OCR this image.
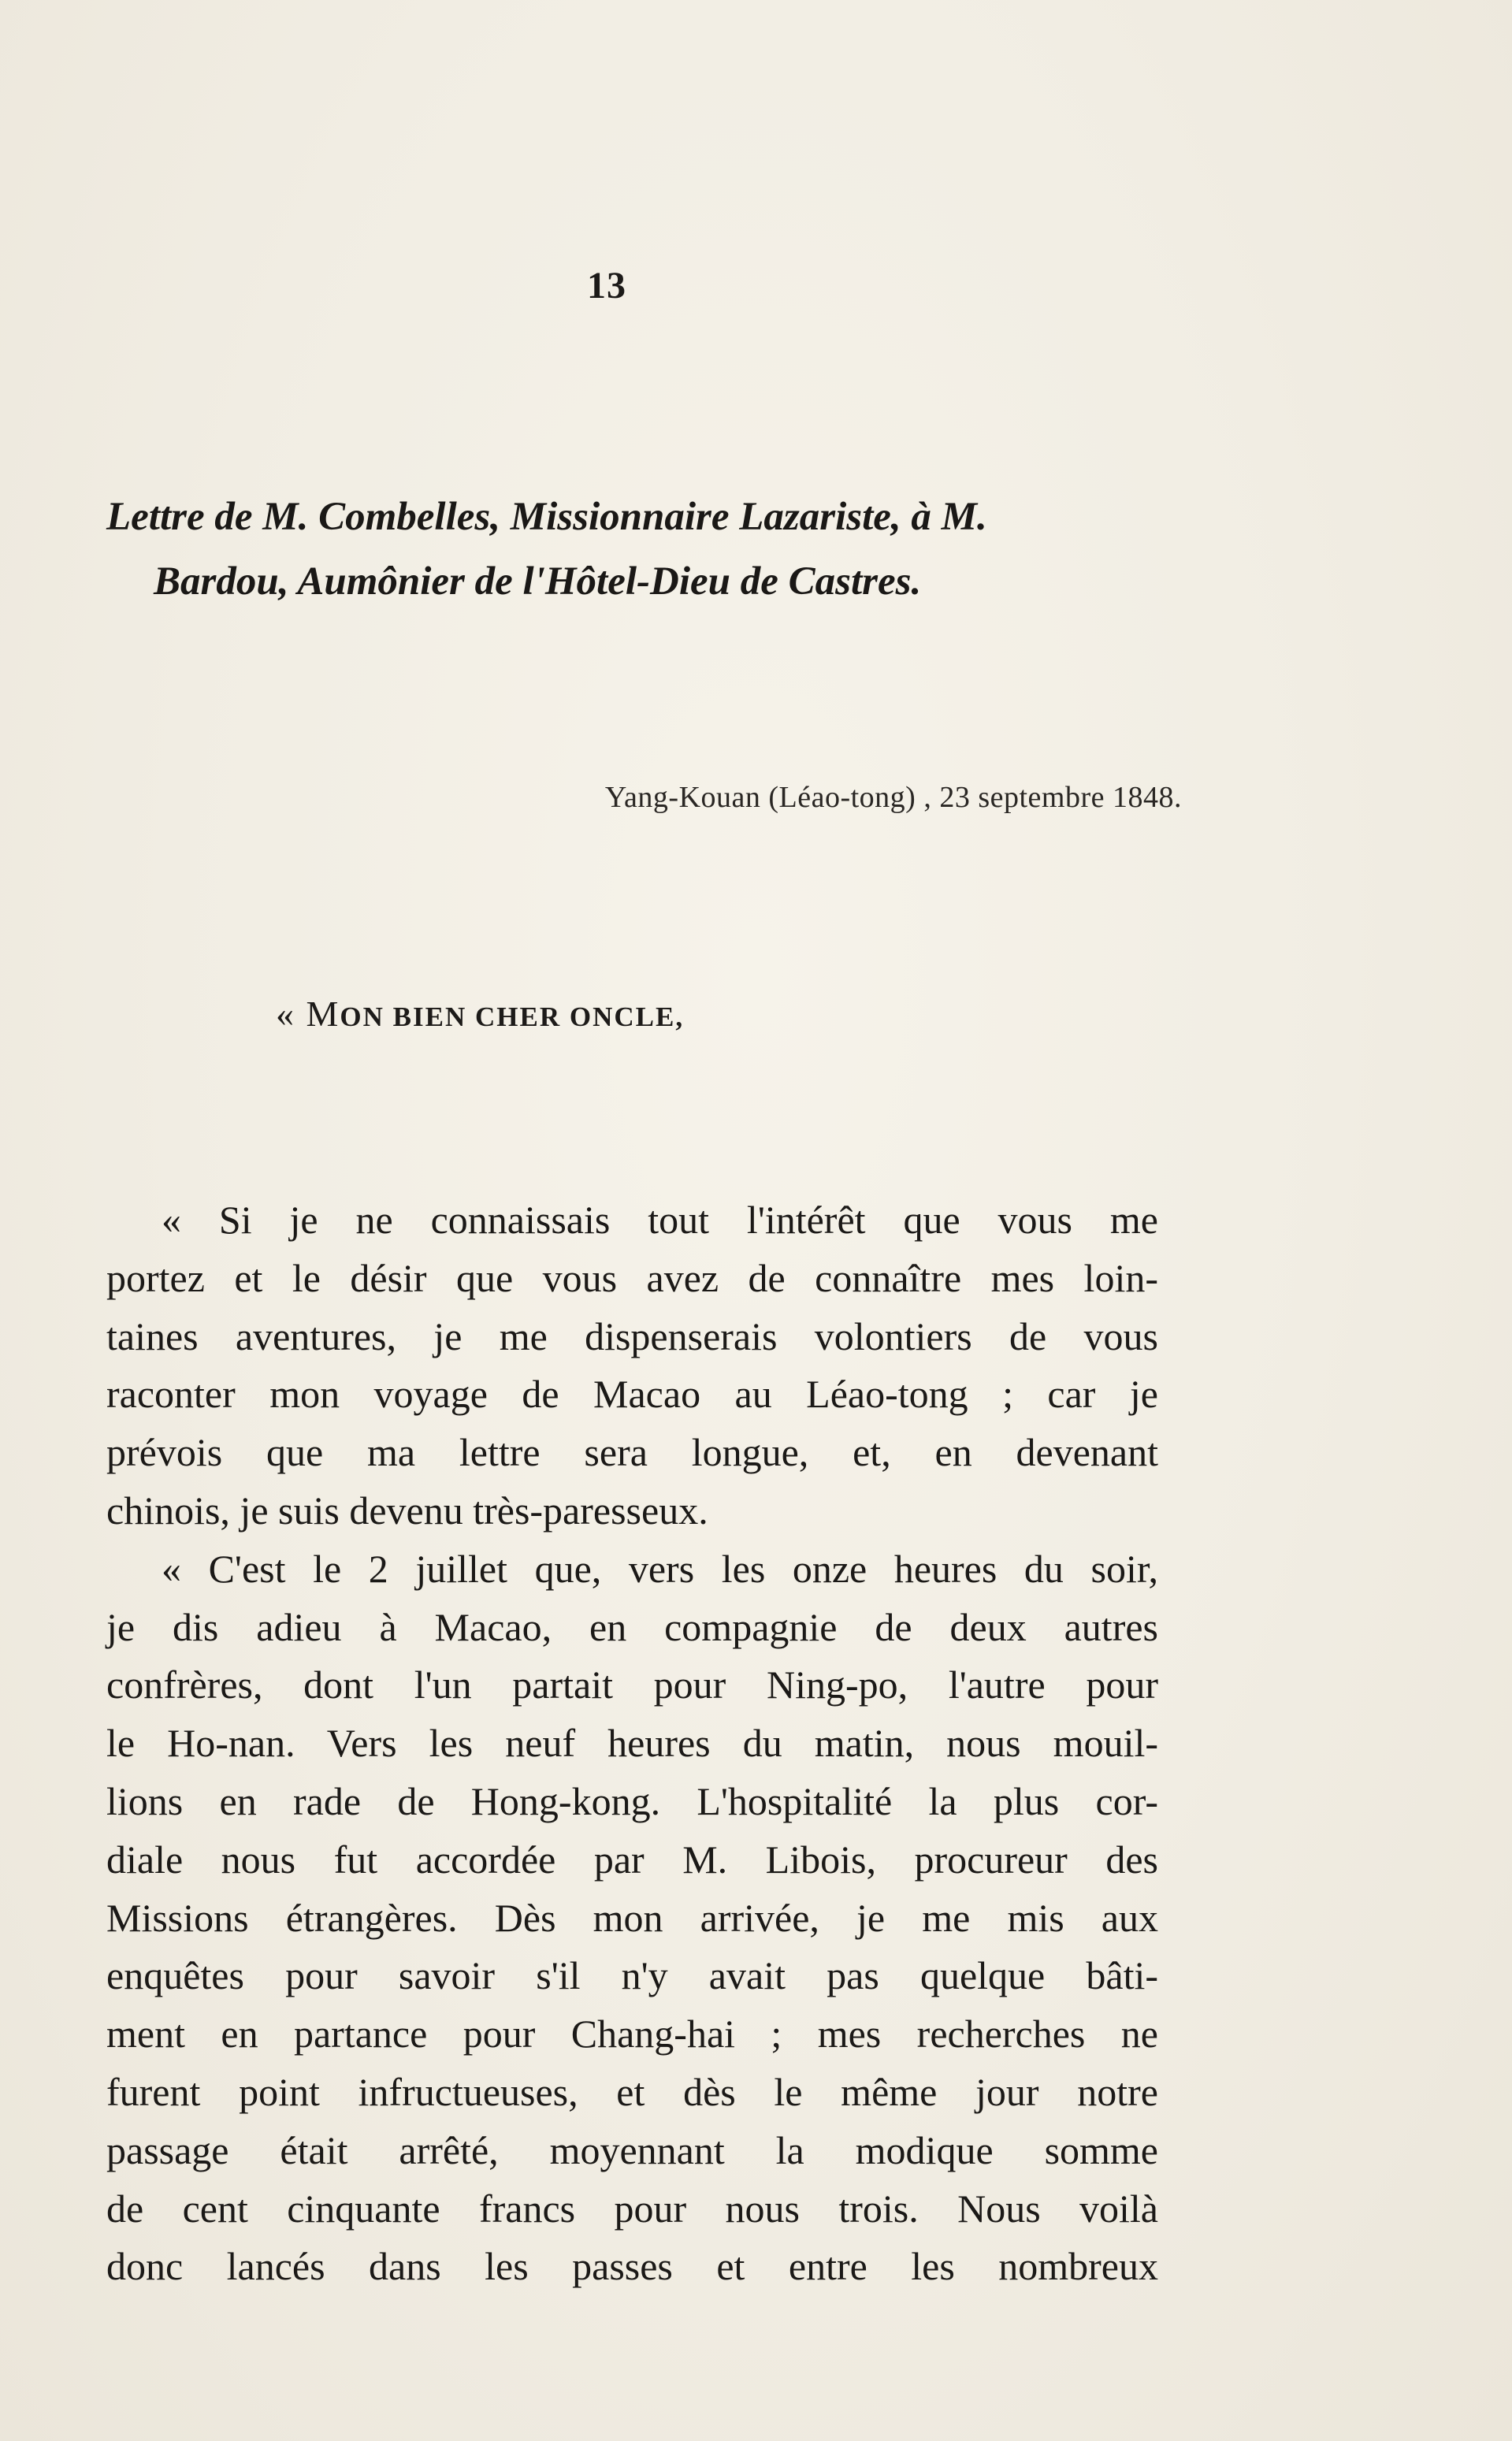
13
Lettre de M. Combelles, Missionnaire Lazariste, à M.
Bardou, Aumônier de l'Hôtel-Dieu de Castres.
Yang-Kouan (Léao-tong) , 23 septembre 1848.
« MON BIEN CHER ONCLE,
« Si je ne connaissais tout l'intérêt que vous me
portez et le désir que vous avez de connaître mes loin-
taines aventures, je me dispenserais volontiers de vous
raconter mon voyage de Macao au Léao-tong ; car je
prévois que ma lettre sera longue, et, en devenant
chinois, je suis devenu très-paresseux.
« C'est le 2 juillet que, vers les onze heures du soir,
je dis adieu à Macao, en compagnie de deux autres
confrères, dont l'un partait pour Ning-po, l'autre pour
le Ho-nan. Vers les neuf heures du matin, nous mouil-
lions en rade de Hong-kong. L'hospitalité la plus cor-
diale nous fut accordée par M. Libois, procureur des
Missions étrangères. Dès mon arrivée, je me mis aux
enquêtes pour savoir s'il n'y avait pas quelque bâti-
ment en partance pour Chang-hai ; mes recherches ne
furent point infructueuses, et dès le même jour notre
passage était arrêté, moyennant la modique somme
de cent cinquante francs pour nous trois. Nous voilà
donc lancés dans les passes et entre les nombreux
